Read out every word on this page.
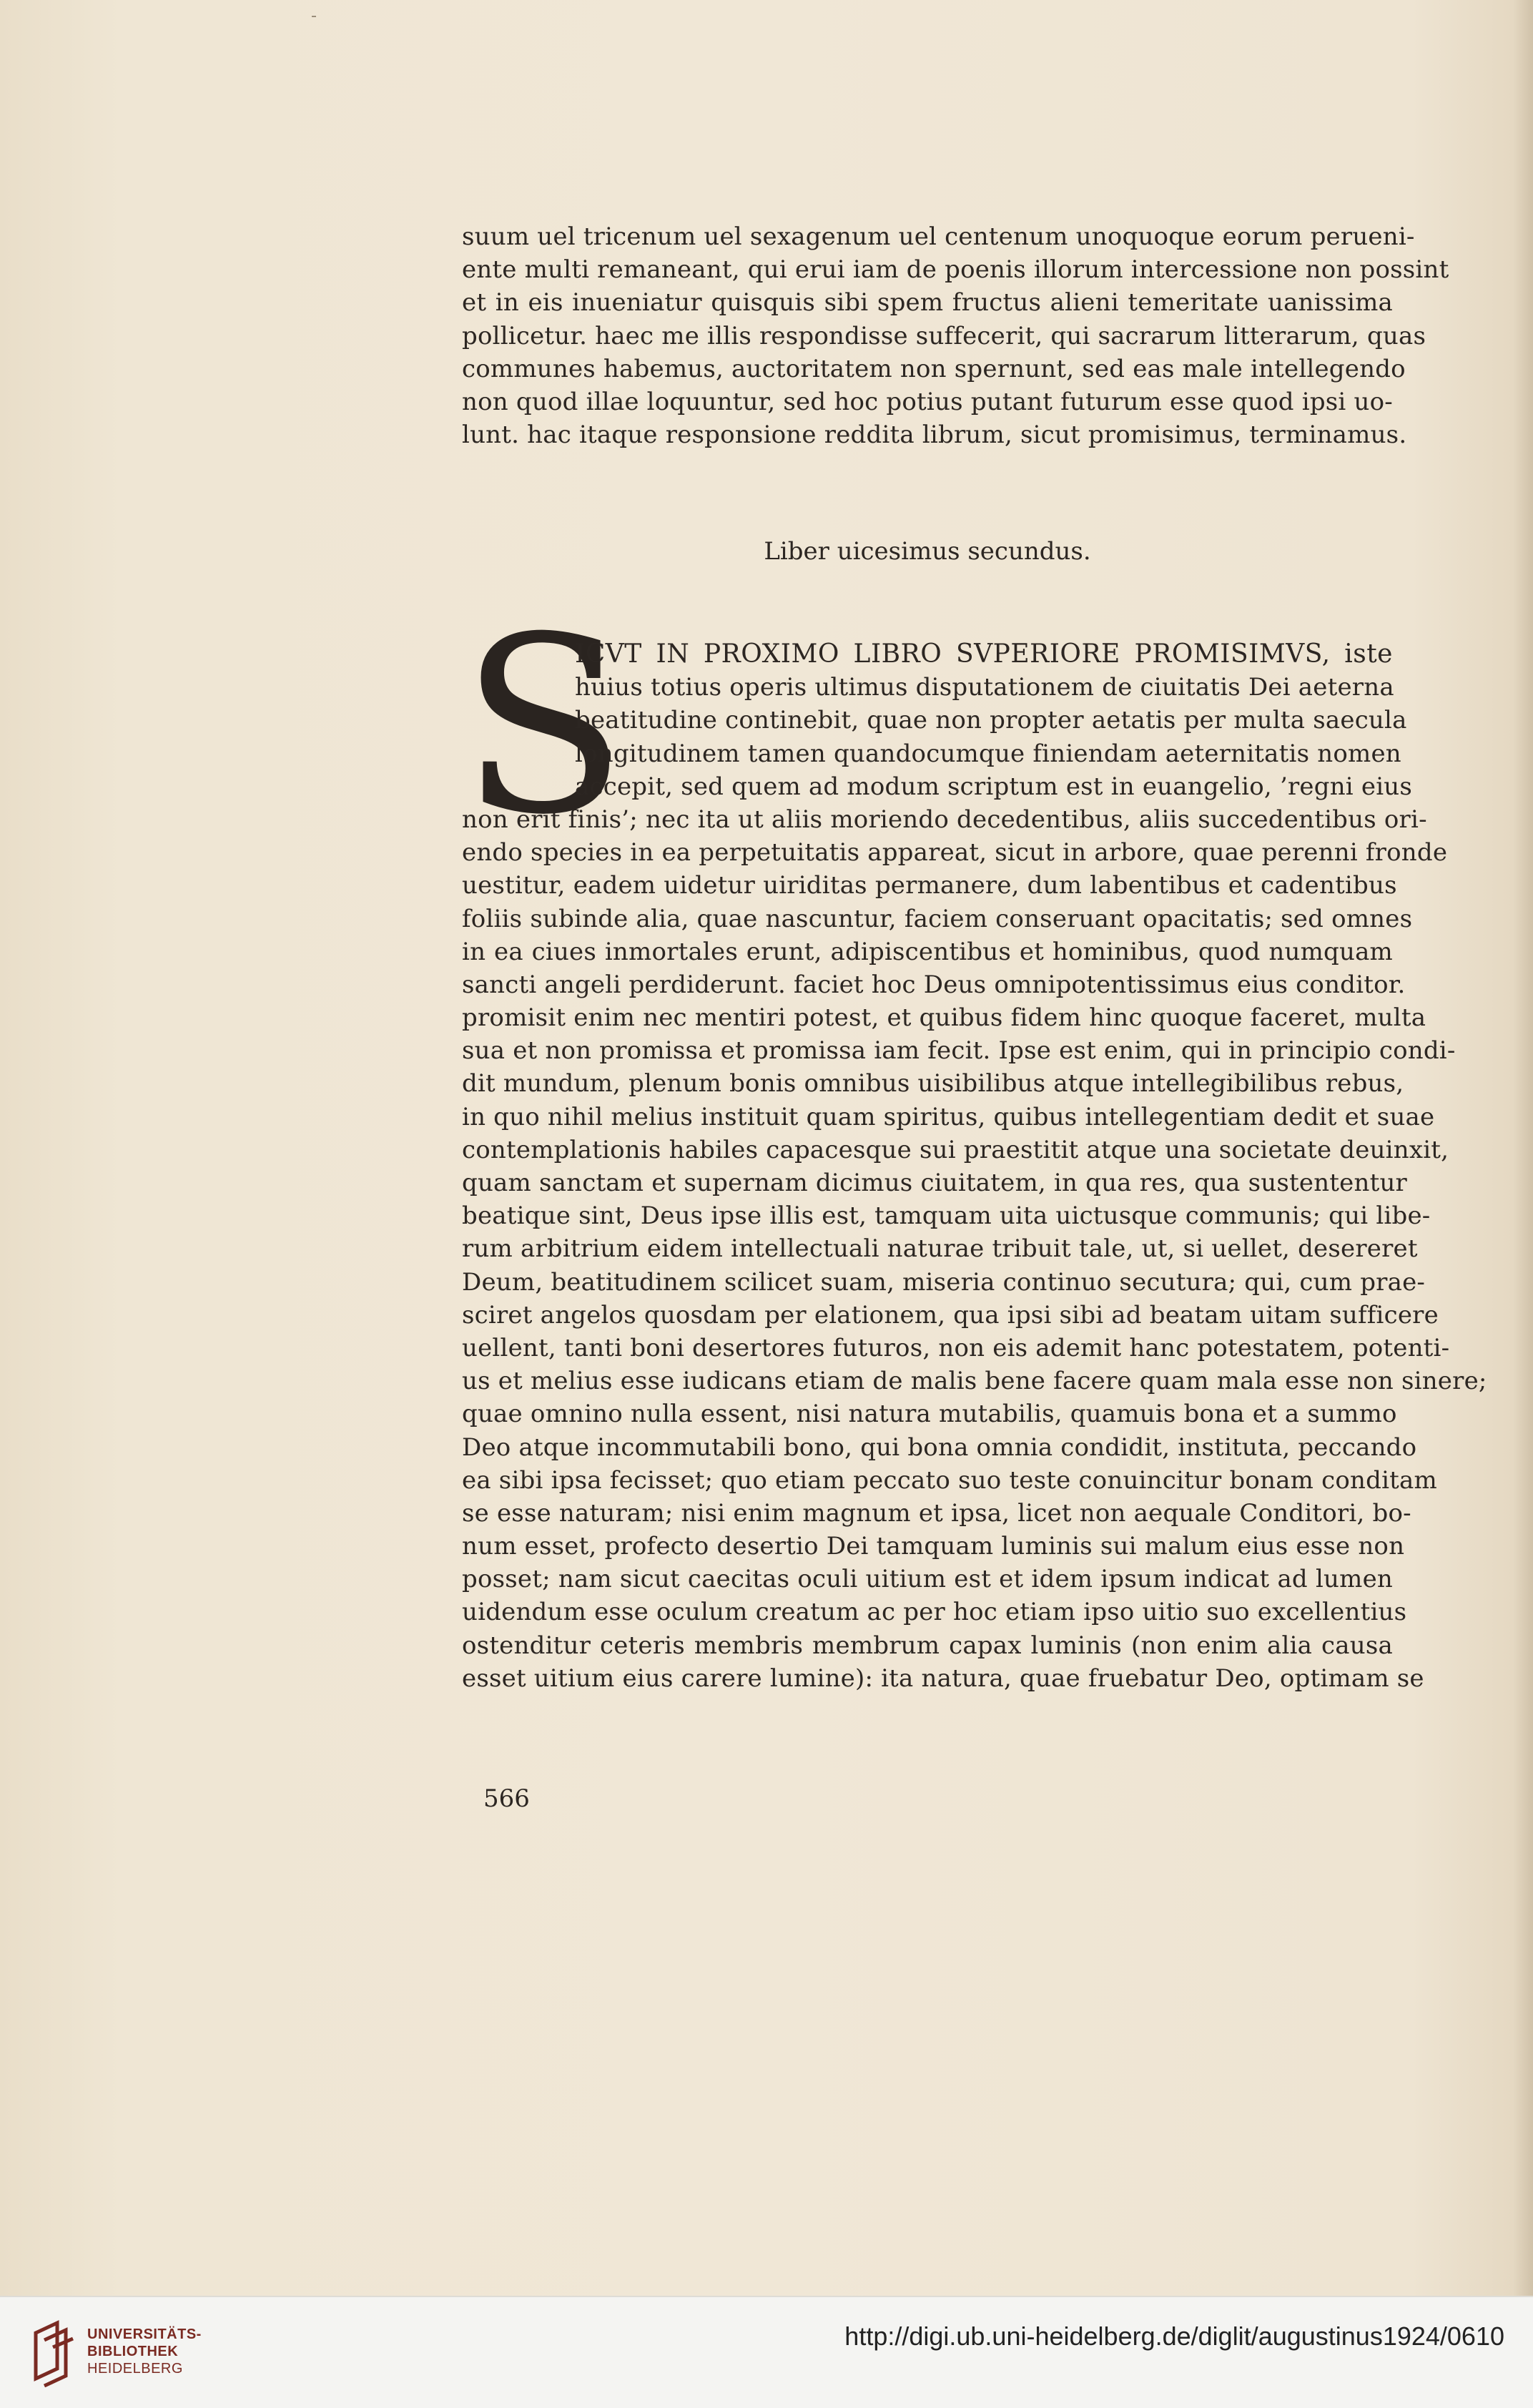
suum uel tricenum uel sexagenum uel centenum unoquoque eorum perueni-
ente multi remaneant, qui erui iam de poenis illorum intercessione non possint
et in eis inueniatur quisquis sibi spem fructus alieni temeritate uanissima
pollicetur. haec me illis respondisse suffecerit, qui sacrarum litterarum, quas
communes habemus, auctoritatem non spernunt, sed eas male intellegendo
non quod illae loquuntur, sed hoc potius putant futurum esse quod ipsi uo-
lunt. hac itaque responsione reddita librum, sicut promisimus, terminamus.
Liber uicesimus secundus.
S
ICVT IN PROXIMO LIBRO SVPERIORE PROMISIMVS, iste
huius totius operis ultimus disputationem de ciuitatis Dei aeterna
beatitudine continebit, quae non propter aetatis per multa saecula
longitudinem tamen quandocumque finiendam aeternitatis nomen
accepit, sed quem ad modum scriptum est in euangelio, ’regni eius
non erit finis’; nec ita ut aliis moriendo decedentibus, aliis succedentibus ori-
endo species in ea perpetuitatis appareat, sicut in arbore, quae perenni fronde
uestitur, eadem uidetur uiriditas permanere, dum labentibus et cadentibus
foliis subinde alia, quae nascuntur, faciem conseruant opacitatis; sed omnes
in ea ciues inmortales erunt, adipiscentibus et hominibus, quod numquam
sancti angeli perdiderunt. faciet hoc Deus omnipotentissimus eius conditor.
promisit enim nec mentiri potest, et quibus fidem hinc quoque faceret, multa
sua et non promissa et promissa iam fecit. Ipse est enim, qui in principio condi-
dit mundum, plenum bonis omnibus uisibilibus atque intellegibilibus rebus,
in quo nihil melius instituit quam spiritus, quibus intellegentiam dedit et suae
contemplationis habiles capacesque sui praestitit atque una societate deuinxit,
quam sanctam et supernam dicimus ciuitatem, in qua res, qua sustententur
beatique sint, Deus ipse illis est, tamquam uita uictusque communis; qui libe-
rum arbitrium eidem intellectuali naturae tribuit tale, ut, si uellet, desereret
Deum, beatitudinem scilicet suam, miseria continuo secutura; qui, cum prae-
sciret angelos quosdam per elationem, qua ipsi sibi ad beatam uitam sufficere
uellent, tanti boni desertores futuros, non eis ademit hanc potestatem, potenti-
us et melius esse iudicans etiam de malis bene facere quam mala esse non sinere;
quae omnino nulla essent, nisi natura mutabilis, quamuis bona et a summo
Deo atque incommutabili bono, qui bona omnia condidit, instituta, peccando
ea sibi ipsa fecisset; quo etiam peccato suo teste conuincitur bonam conditam
se esse naturam; nisi enim magnum et ipsa, licet non aequale Conditori, bo-
num esset, profecto desertio Dei tamquam luminis sui malum eius esse non
posset; nam sicut caecitas oculi uitium est et idem ipsum indicat ad lumen
uidendum esse oculum creatum ac per hoc etiam ipso uitio suo excellentius
ostenditur ceteris membris membrum capax luminis (non enim alia causa
esset uitium eius carere lumine): ita natura, quae fruebatur Deo, optimam se
566
UNIVERSITÄTS-
BIBLIOTHEK
HEIDELBERG
http://digi.ub.uni-heidelberg.de/diglit/augustinus1924/0610
